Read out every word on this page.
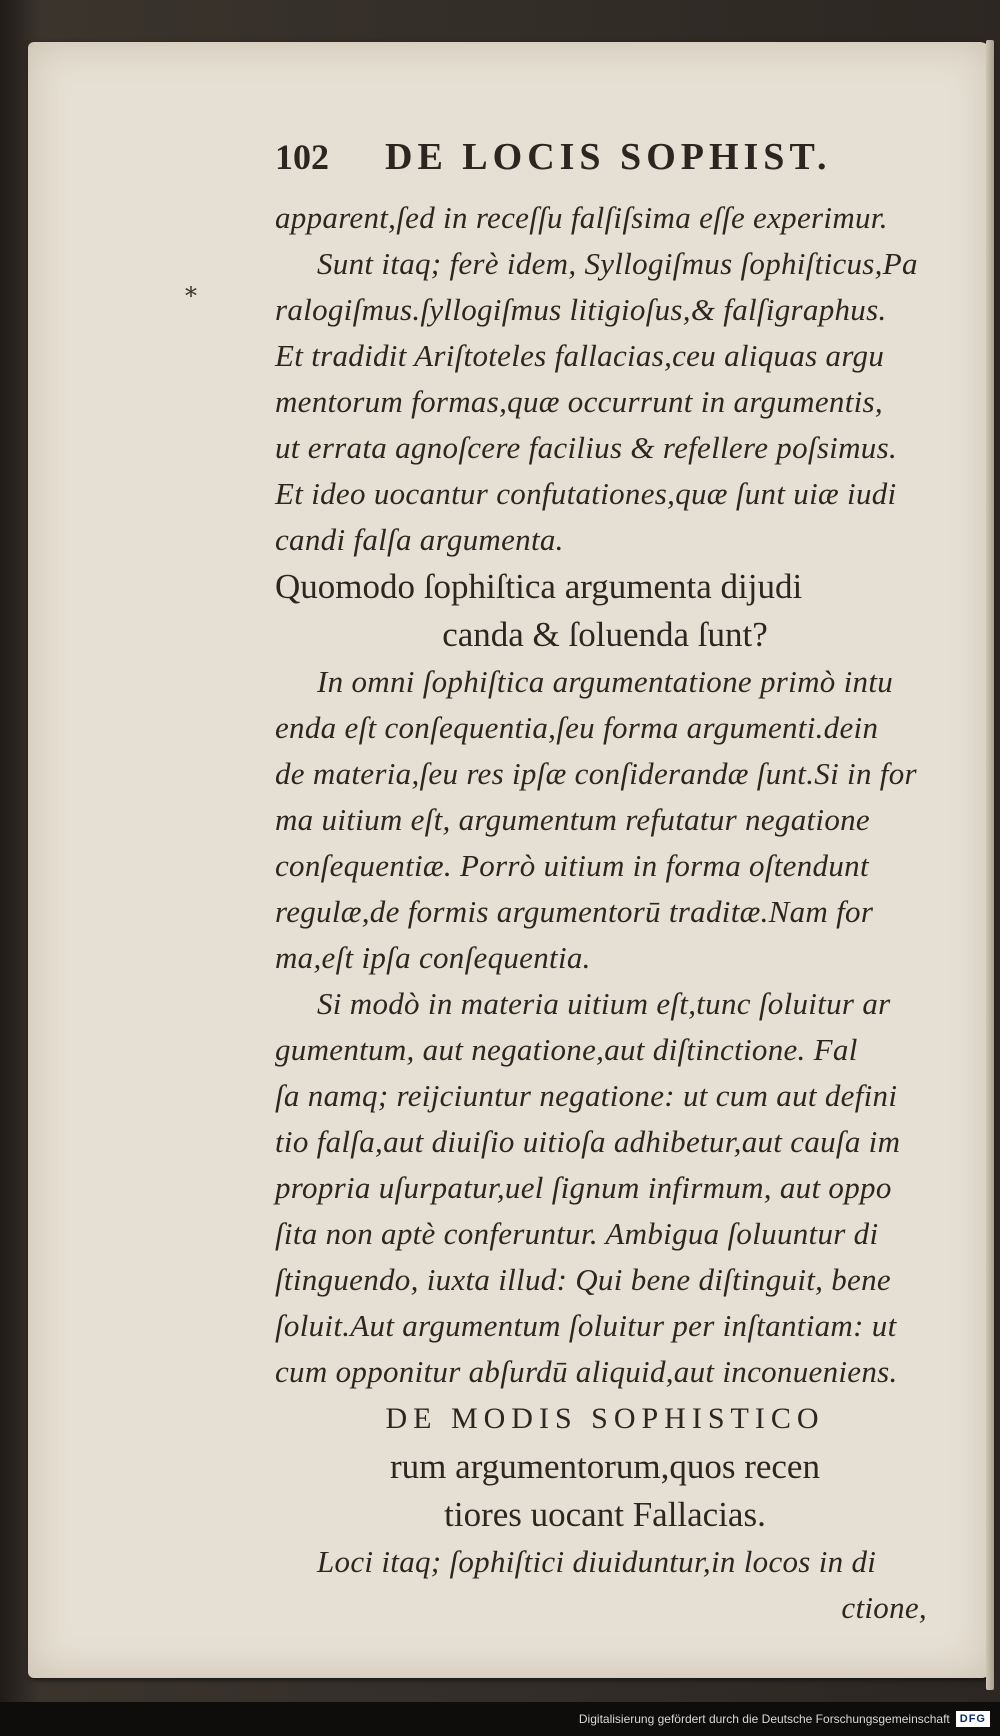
*
102	DE LOCIS SOPHIST.
apparent,ſed in receſſu falſiſsima eſſe experimur.
Sunt itaq; ferè idem, Syllogiſmus ſophiſticus,Pa
ralogiſmus.ſyllogiſmus litigioſus,& falſigraphus.
Et tradidit Ariſtoteles fallacias,ceu aliquas argu
mentorum formas,quæ occurrunt in argumentis,
ut errata agnoſcere facilius & refellere poſsimus.
Et ideo uocantur confutationes,quæ ſunt uiæ iudi
candi falſa argumenta.
Quomodo ſophiſtica argumenta dijudi
canda & ſoluenda ſunt?
In omni ſophiſtica argumentatione primò intu
enda eſt conſequentia,ſeu forma argumenti.dein
de materia,ſeu res ipſæ conſiderandæ ſunt.Si in for
ma uitium eſt, argumentum refutatur negatione
conſequentiæ. Porrò uitium in forma oſtendunt
regulæ,de formis argumentorū traditæ.Nam for
ma,eſt ipſa conſequentia.
Si modò in materia uitium eſt,tunc ſoluitur ar
gumentum, aut negatione,aut diſtinctione. Fal
ſa namq; reijciuntur negatione: ut cum aut defini
tio falſa,aut diuiſio uitioſa adhibetur,aut cauſa im
propria uſurpatur,uel ſignum infirmum, aut oppo
ſita non aptè conferuntur. Ambigua ſoluuntur di
ſtinguendo, iuxta illud: Qui bene diſtinguit, bene
ſoluit.Aut argumentum ſoluitur per inſtantiam: ut
cum opponitur abſurdū aliquid,aut inconueniens.
DE MODIS SOPHISTICO
rum argumentorum,quos recen
tiores uocant Fallacias.
Loci itaq; ſophiſtici diuiduntur,in locos in di
ctione,
Digitalisierung gefördert durch die Deutsche Forschungsgemeinschaft DFG
